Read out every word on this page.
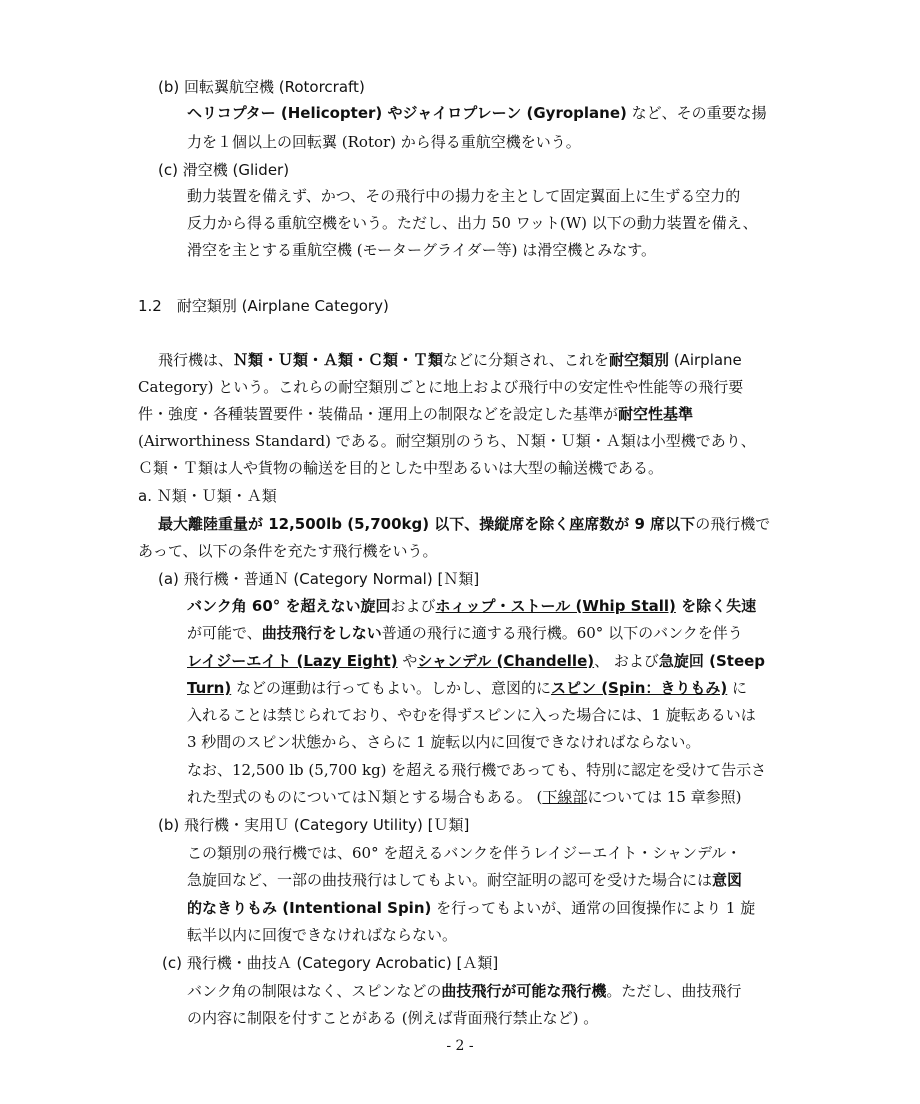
(b) 回転翼航空機 (Rotorcraft)
ヘリコプター (Helicopter) やジャイロプレーン (Gyroplane) など、その重要な揚
力を１個以上の回転翼 (Rotor) から得る重航空機をいう。
(c) 滑空機 (Glider)
動力装置を備えず、かつ、その飛行中の揚力を主として固定翼面上に生ずる空力的
反力から得る重航空機をいう。ただし、出力 50 ワット(W) 以下の動力装置を備え、
滑空を主とする重航空機 (モーターグライダー等) は滑空機とみなす。
1.2　耐空類別 (Airplane Category)
飛行機は、Ｎ類・Ｕ類・Ａ類・Ｃ類・Ｔ類などに分類され、これを耐空類別 (Airplane
Category) という。これらの耐空類別ごとに地上および飛行中の安定性や性能等の飛行要
件・強度・各種装置要件・装備品・運用上の制限などを設定した基準が耐空性基準
(Airworthiness Standard) である。耐空類別のうち、Ｎ類・Ｕ類・Ａ類は小型機であり、
Ｃ類・Ｔ類は人や貨物の輸送を目的とした中型あるいは大型の輸送機である。
a. Ｎ類・Ｕ類・Ａ類
最大離陸重量が 12,500lb (5,700kg) 以下、操縦席を除く座席数が 9 席以下の飛行機で
あって、以下の条件を充たす飛行機をいう。
(a) 飛行機・普通Ｎ (Category Normal) [Ｎ類]
バンク角 60° を超えない旋回およびホィップ・ストール (Whip Stall) を除く失速
が可能で、曲技飛行をしない普通の飛行に適する飛行機。60° 以下のバンクを伴う
レイジーエイト (Lazy Eight) やシャンデル (Chandelle)、 および急旋回 (Steep
Turn) などの運動は行ってもよい。しかし、意図的にスピン (Spin：きりもみ) に
入れることは禁じられており、やむを得ずスピンに入った場合には、1 旋転あるいは
3 秒間のスピン状態から、さらに 1 旋転以内に回復できなければならない。
なお、12,500 lb (5,700 kg) を超える飛行機であっても、特別に認定を受けて告示さ
れた型式のものについてはＮ類とする場合もある。 (下線部については 15 章参照)
(b) 飛行機・実用Ｕ (Category Utility) [Ｕ類]
この類別の飛行機では、60° を超えるバンクを伴うレイジーエイト・シャンデル・
急旋回など、一部の曲技飛行はしてもよい。耐空証明の認可を受けた場合には意図
的なきりもみ (Intentional Spin) を行ってもよいが、通常の回復操作により 1 旋
転半以内に回復できなければならない。
(c) 飛行機・曲技Ａ (Category Acrobatic) [Ａ類]
バンク角の制限はなく、スピンなどの曲技飛行が可能な飛行機。ただし、曲技飛行
の内容に制限を付すことがある (例えば背面飛行禁止など) 。
- 2 -
